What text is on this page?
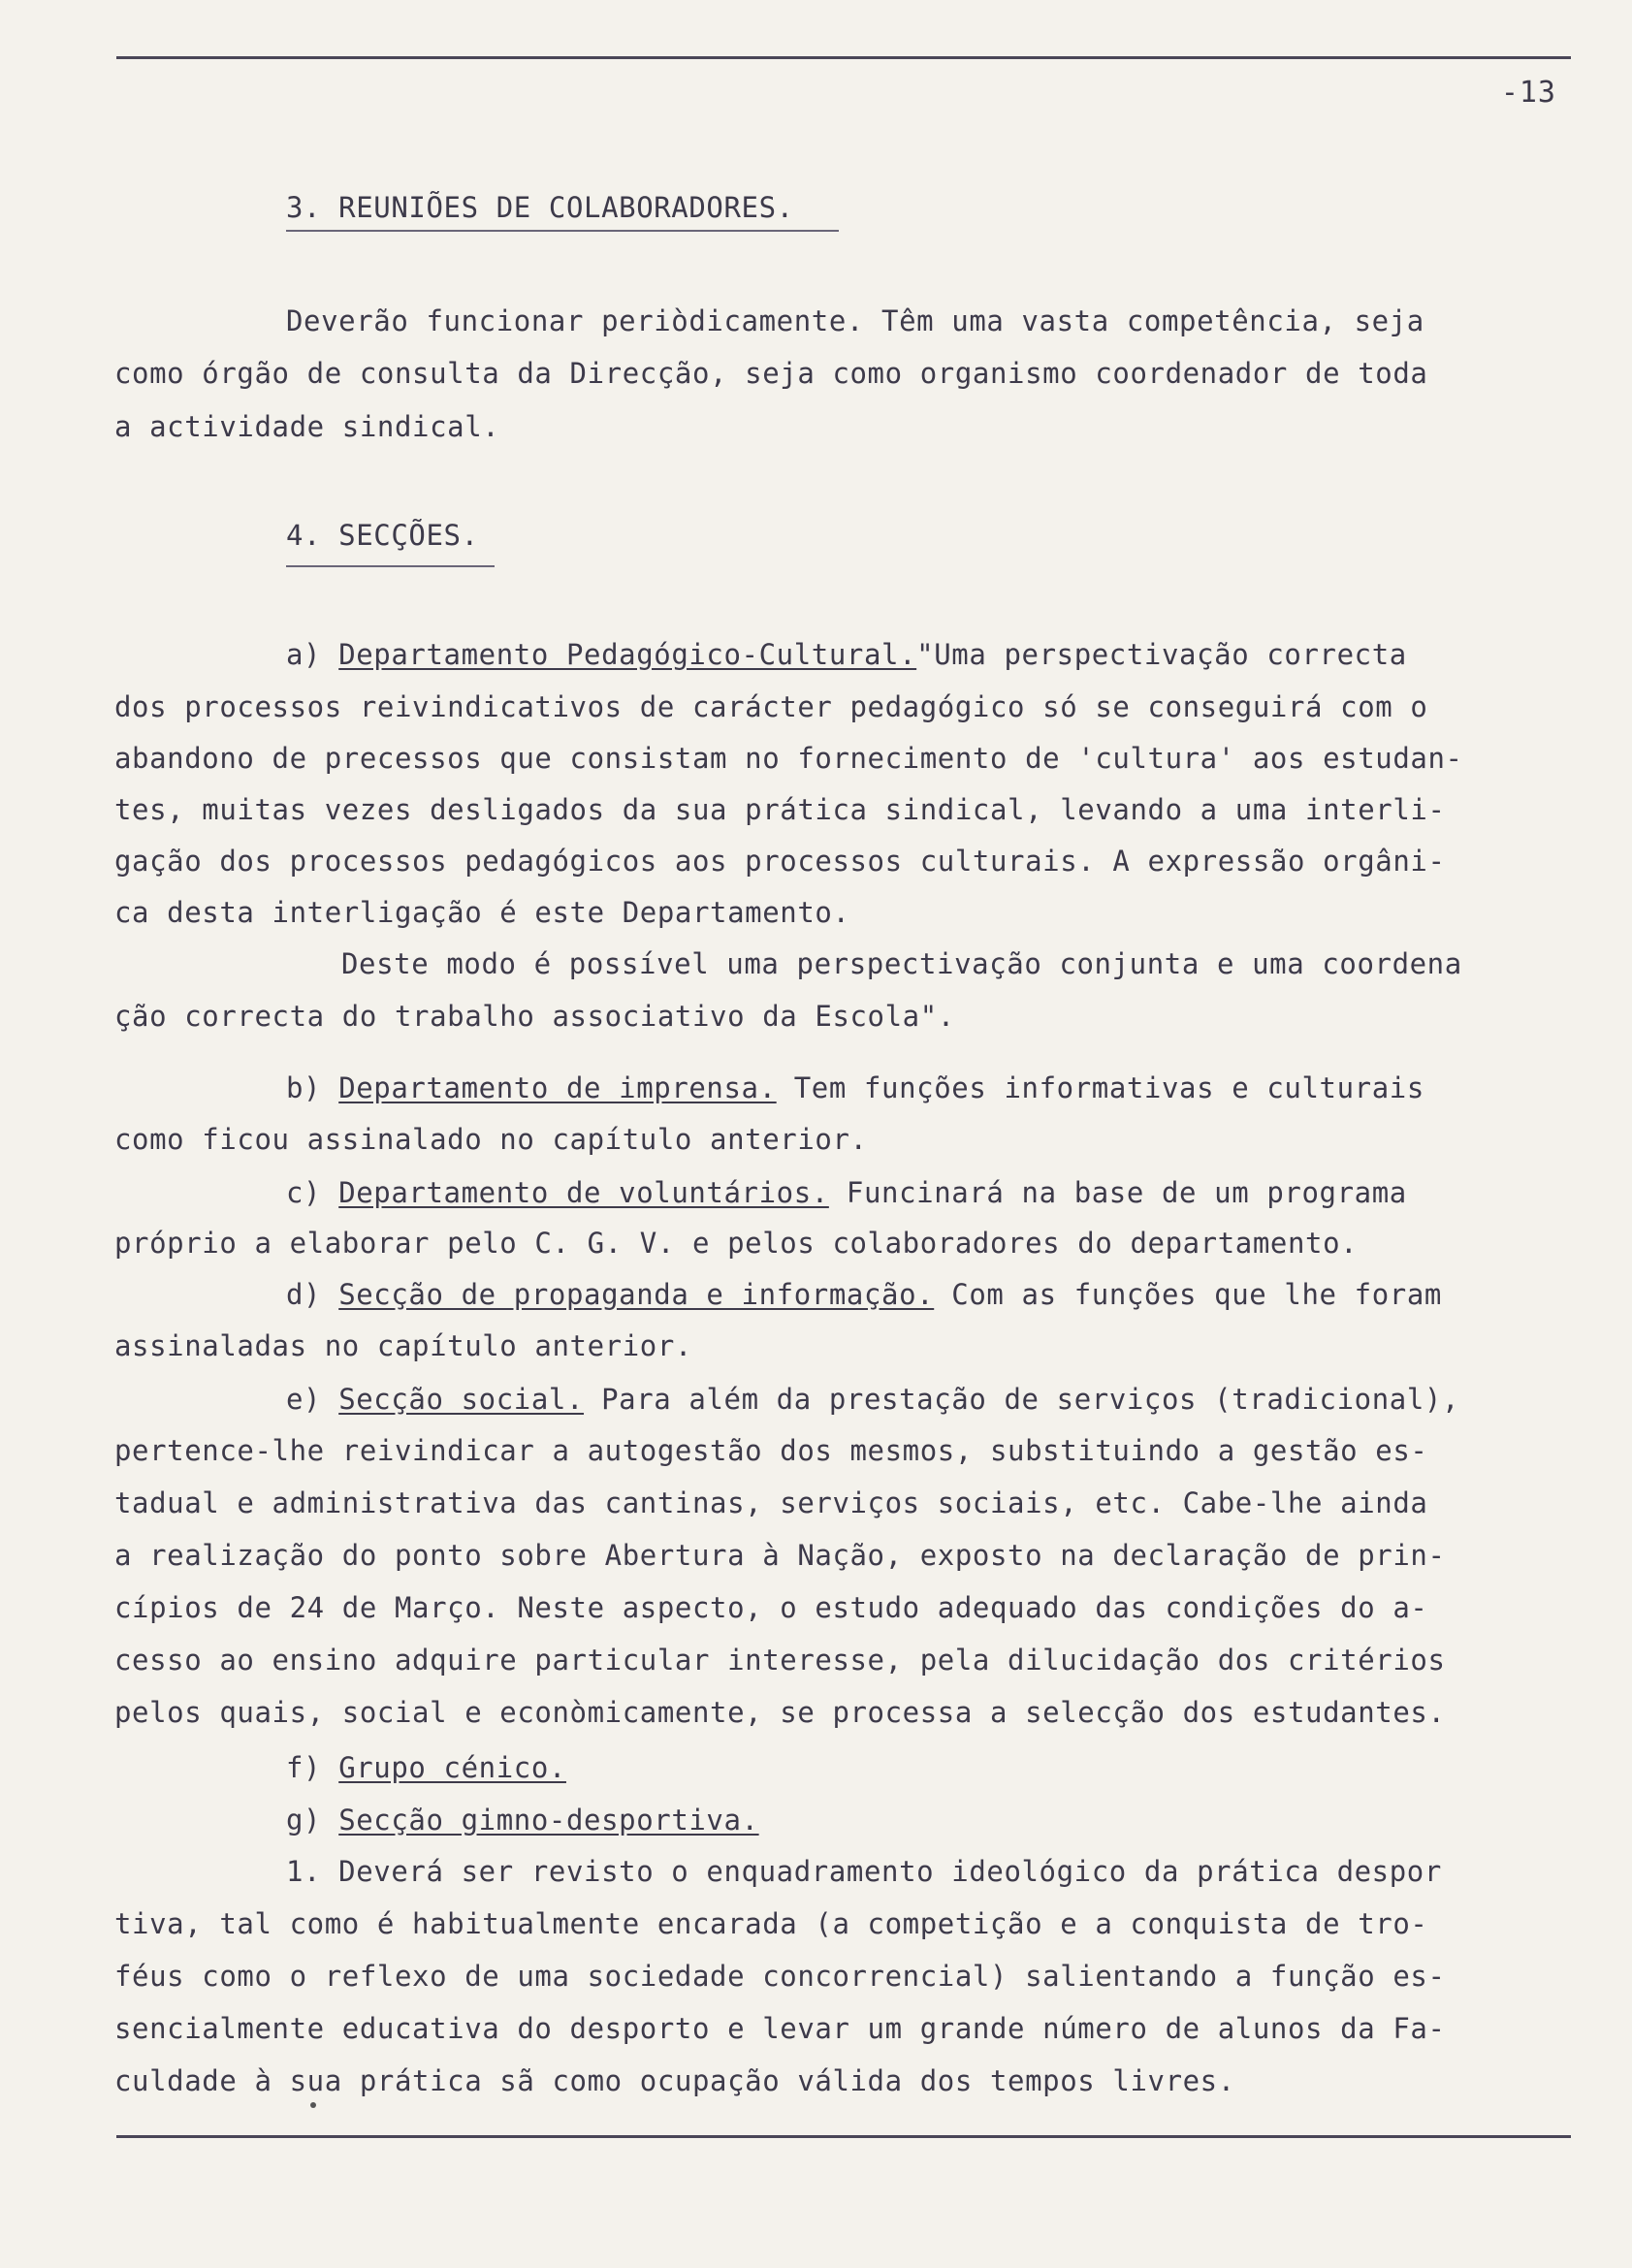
-13
3. REUNIÕES DE COLABORADORES.
Deverão funcionar periòdicamente. Têm uma vasta competência, seja
como órgão de consulta da Direcção, seja como organismo coordenador de toda
a actividade sindical.
4. SECÇÕES.
a) Departamento Pedagógico-Cultural."Uma perspectivação correcta
dos processos reivindicativos de carácter pedagógico só se conseguirá com o
abandono de precessos que consistam no fornecimento de 'cultura' aos estudan-
tes, muitas vezes desligados da sua prática sindical, levando a uma interli-
gação dos processos pedagógicos aos processos culturais. A expressão orgâni-
ca desta interligação é este Departamento.
Deste modo é possível uma perspectivação conjunta e uma coordena
ção correcta do trabalho associativo da Escola".
b) Departamento de imprensa. Tem funções informativas e culturais
como ficou assinalado no capítulo anterior.
c) Departamento de voluntários. Funcinará na base de um programa
próprio a elaborar pelo C. G. V. e pelos colaboradores do departamento.
d) Secção de propaganda e informação. Com as funções que lhe foram
assinaladas no capítulo anterior.
e) Secção social. Para além da prestação de serviços (tradicional),
pertence-lhe reivindicar a autogestão dos mesmos, substituindo a gestão es-
tadual e administrativa das cantinas, serviços sociais, etc. Cabe-lhe ainda
a realização do ponto sobre Abertura à Nação, exposto na declaração de prin-
cípios de 24 de Março. Neste aspecto, o estudo adequado das condições do a-
cesso ao ensino adquire particular interesse, pela dilucidação dos critérios
pelos quais, social e econòmicamente, se processa a selecção dos estudantes.
f) Grupo cénico.
g) Secção gimno-desportiva.
1. Deverá ser revisto o enquadramento ideológico da prática despor
tiva, tal como é habitualmente encarada (a competição e a conquista de tro-
féus como o reflexo de uma sociedade concorrencial) salientando a função es-
sencialmente educativa do desporto e levar um grande número de alunos da Fa-
culdade à sua prática sã como ocupação válida dos tempos livres.
